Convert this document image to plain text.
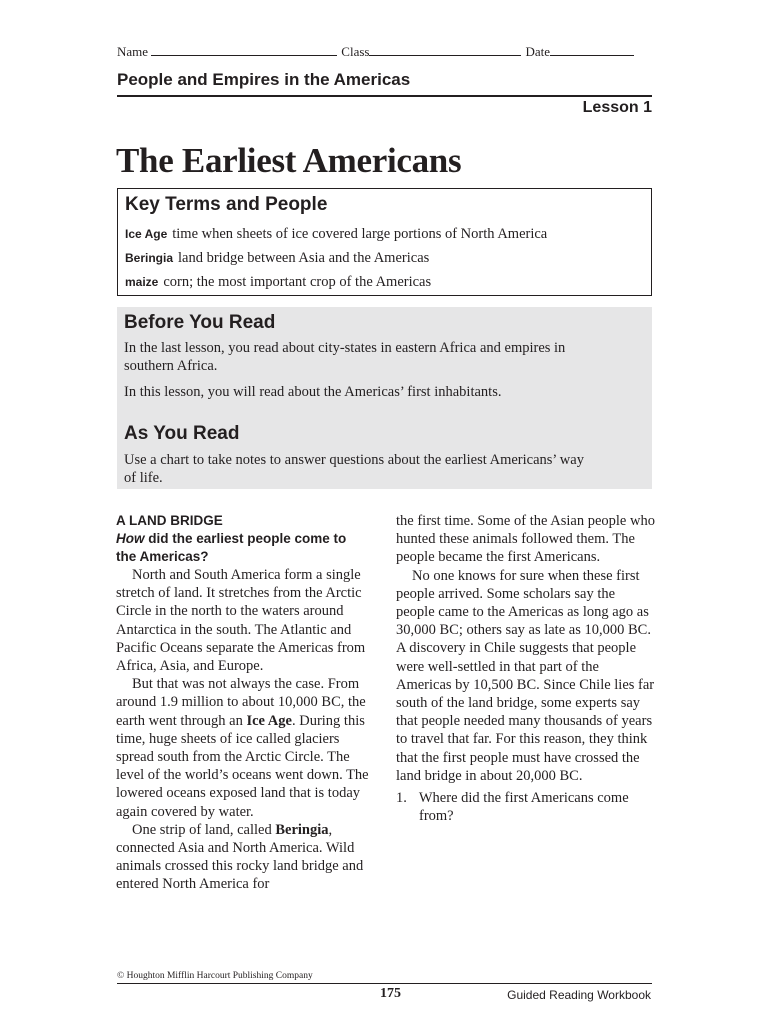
Name	Class	Date
People and Empires in the Americas
Lesson 1
The Earliest Americans
Key Terms and People
Ice Age time when sheets of ice covered large portions of North America
Beringia land bridge between Asia and the Americas
maize corn; the most important crop of the Americas
Before You Read
In the last lesson, you read about city-states in eastern Africa and empires in southern Africa.
In this lesson, you will read about the Americas’ first inhabitants.
As You Read
Use a chart to take notes to answer questions about the earliest Americans’ way of life.
A LAND BRIDGE
How did the earliest people come to the Americas?

North and South America form a single stretch of land. It stretches from the Arctic Circle in the north to the waters around Antarctica in the south. The Atlantic and Pacific Oceans separate the Americas from Africa, Asia, and Europe.

But that was not always the case. From around 1.9 million to about 10,000 BC, the earth went through an Ice Age. During this time, huge sheets of ice called glaciers spread south from the Arctic Circle. The level of the world’s oceans went down. The lowered oceans exposed land that is today again covered by water.

One strip of land, called Beringia, connected Asia and North America. Wild animals crossed this rocky land bridge and entered North America for

the first time. Some of the Asian people who hunted these animals followed them. The people became the first Americans.

No one knows for sure when these first people arrived. Some scholars say the people came to the Americas as long ago as 30,000 BC; others say as late as 10,000 BC. A discovery in Chile suggests that people were well-settled in that part of the Americas by 10,500 BC. Since Chile lies far south of the land bridge, some experts say that people needed many thousands of years to travel that far. For this reason, they think that the first people must have crossed the land bridge in about 20,000 BC.

1. Where did the first Americans come from?
© Houghton Mifflin Harcourt Publishing Company
175	Guided Reading Workbook
